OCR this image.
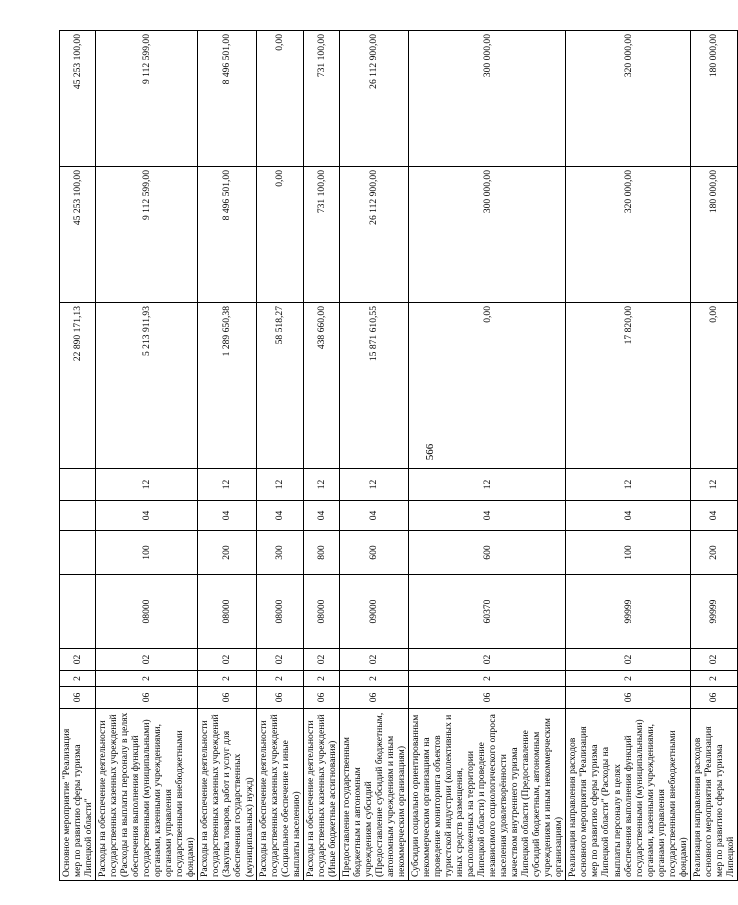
566
Основное мероприятие "Реализация мер по развитию сферы туризма Липецкой области"	06	2	02					22 890 171,13	45 253 100,00	45 253 100,00
Расходы на обеспечение деятельности государственных казенных учреждений (Расходы на выплаты персоналу в целях обеспечения выполнения функций государственными (муниципальными) органами, казенными учреждениями, органами управления государственными внебюджетными фондами)	06	2	02	08000	100	04	12	5 213 911,93	9 112 599,00	9 112 599,00
Расходы на обеспечение деятельности государственных казенных учреждений (Закупка товаров, работ и услуг для обеспечения государственных (муниципальных) нужд)	06	2	02	08000	200	04	12	1 289 650,38	8 496 501,00	8 496 501,00
Расходы на обеспечение деятельности государственных казенных учреждений (Социальное обеспечение и иные выплаты населению)	06	2	02	08000	300	04	12	58 518,27	0,00	0,00
Расходы на обеспечение деятельности государственных казенных учреждений (Иные бюджетные ассигнования)	06	2	02	08000	800	04	12	438 660,00	731 100,00	731 100,00
Предоставление государственным бюджетным и автономным учреждениям субсидий (Предоставление субсидий бюджетным, автономным учреждениям и иным некоммерческим организациям)	06	2	02	09000	600	04	12	15 871 610,55	26 112 900,00	26 112 900,00
Субсидии социально ориентированным некоммерческим организациям на проведение мониторинга объектов туристской индустрии (коллективных и иных средств размещения, расположенных на территории Липецкой области) и проведение независимого социологического опроса населения удовлетворённости качеством внутреннего туризма Липецкой области (Предоставление субсидий бюджетным, автономным учреждениям и иным некоммерческим организациям)	06	2	02	60370	600	04	12	0,00	300 000,00	300 000,00
Реализация направления расходов основного мероприятия "Реализация мер по развитию сферы туризма Липецкой области" (Расходы на выплаты персоналу в целях обеспечения выполнения функций государственными (муниципальными) органами, казенными учреждениями, органами управления государственными внебюджетными фондами)	06	2	02	99999	100	04	12	17 820,00	320 000,00	320 000,00
Реализация направления расходов основного мероприятия "Реализация мер по развитию сферы туризма Липецкой	06	2	02	99999	200	04	12	0,00	180 000,00	180 000,00
